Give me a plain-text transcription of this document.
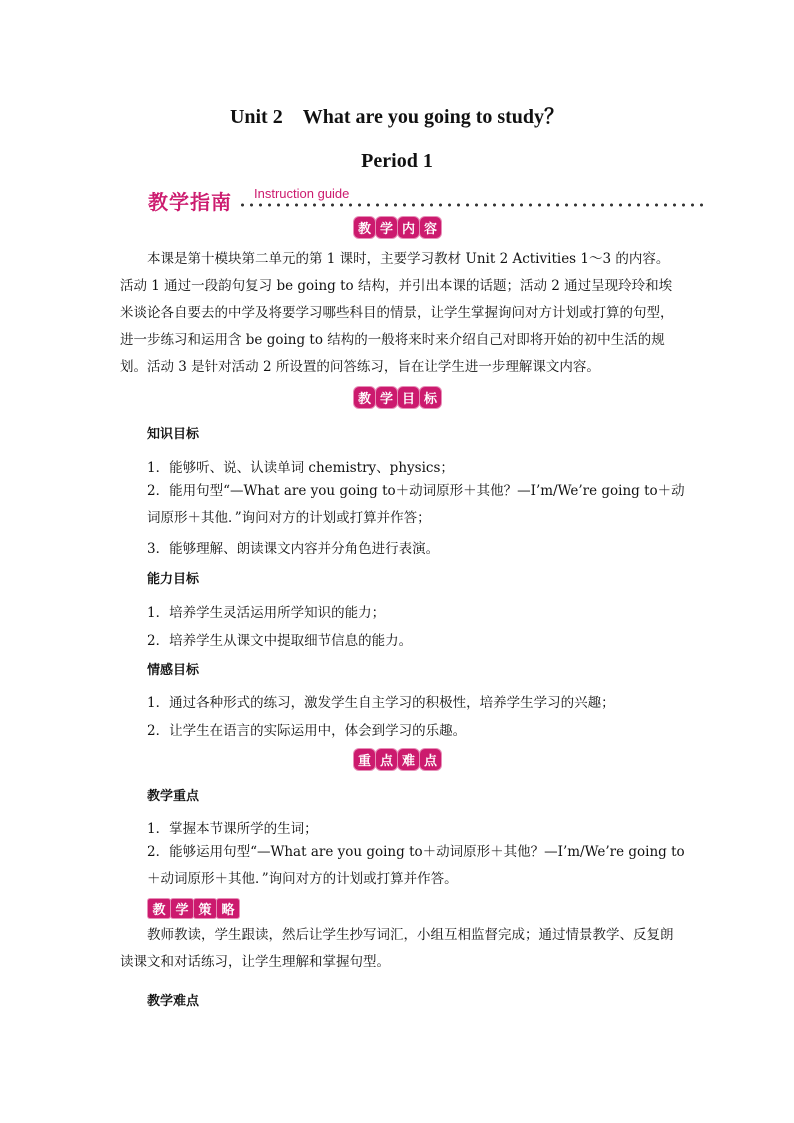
Unit 2　What are you going to study？
Period 1
教学指南 Instruction guide
教 学 内 容
本课是第十模块第二单元的第 1 课时，主要学习教材 Unit 2 Activities 1～3 的内容。活动 1 通过一段韵句复习 be going to 结构，并引出本课的话题；活动 2 通过呈现玲玲和埃米谈论各自要去的中学及将要学习哪些科目的情景，让学生掌握询问对方计划或打算的句型，进一步练习和运用含 be going to 结构的一般将来时来介绍自己对即将开始的初中生活的规划。活动 3 是针对活动 2 所设置的问答练习，旨在让学生进一步理解课文内容。
教 学 目 标
知识目标
1．能够听、说、认读单词 chemistry、physics；
2．能用句型“—What are you going to＋动词原形＋其他？—I’m/We’re going to＋动词原形＋其他．”询问对方的计划或打算并作答；
3．能够理解、朗读课文内容并分角色进行表演。
能力目标
1．培养学生灵活运用所学知识的能力；
2．培养学生从课文中提取细节信息的能力。
情感目标
1．通过各种形式的练习，激发学生自主学习的积极性，培养学生学习的兴趣；
2．让学生在语言的实际运用中，体会到学习的乐趣。
重 点 难 点
教学重点
1．掌握本节课所学的生词；
2．能够运用句型“—What are you going to＋动词原形＋其他？—I’m/We’re going to＋动词原形＋其他．”询问对方的计划或打算并作答。
教 学 策 略
教师教读，学生跟读，然后让学生抄写词汇，小组互相监督完成；通过情景教学、反复朗读课文和对话练习，让学生理解和掌握句型。
教学难点
